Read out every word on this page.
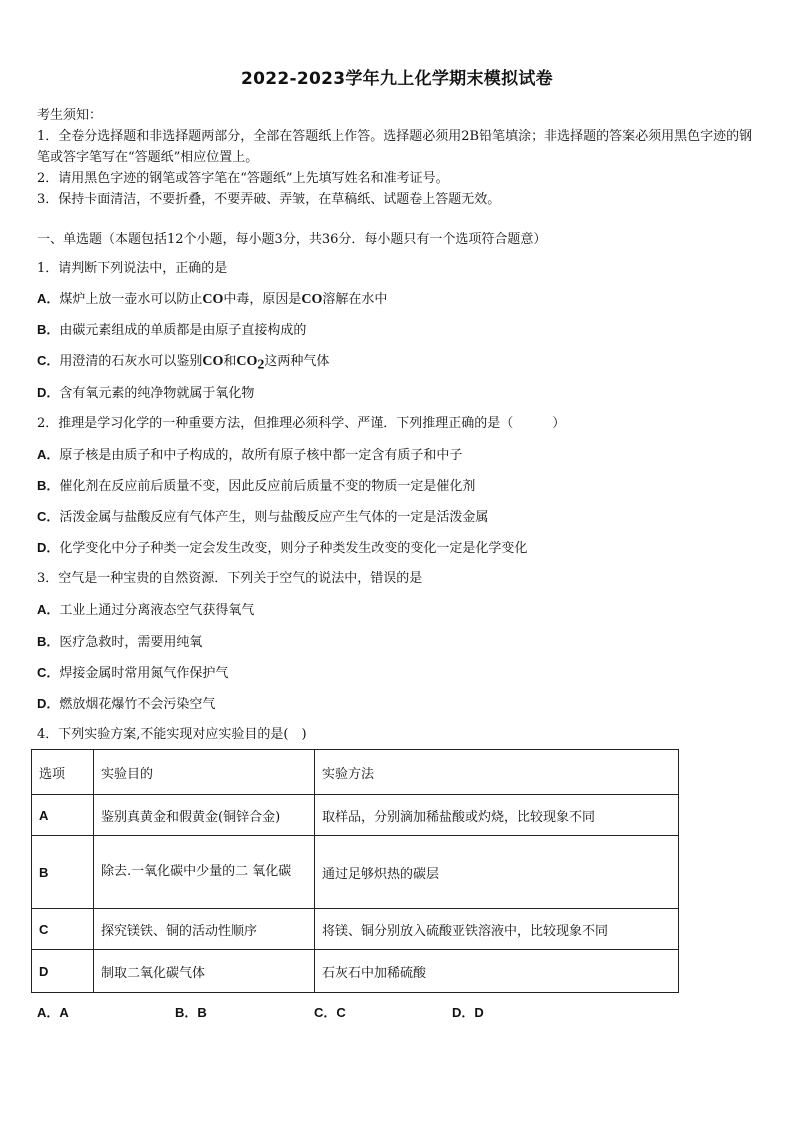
2022-2023学年九上化学期末模拟试卷
考生须知：
1．全卷分选择题和非选择题两部分，全部在答题纸上作答。选择题必须用2B铅笔填涂；非选择题的答案必须用黑色字迹的钢笔或答字笔写在“答题纸”相应位置上。
2．请用黑色字迹的钢笔或答字笔在“答题纸”上先填写姓名和准考证号。
3．保持卡面清洁，不要折叠，不要弄破、弄皱，在草稿纸、试题卷上答题无效。
一、单选题（本题包括12个小题，每小题3分，共36分．每小题只有一个选项符合题意）
1．请判断下列说法中，正确的是
A．煤炉上放一壶水可以防止CO中毒，原因是CO溶解在水中
B．由碳元素组成的单质都是由原子直接构成的
C．用澄清的石灰水可以鉴别CO和$CO_2$这两种气体
D．含有氧元素的纯净物就属于氧化物
2．推理是学习化学的一种重要方法，但推理必须科学、严谨．下列推理正确的是（　　　）
A．原子核是由质子和中子构成的，故所有原子核中都一定含有质子和中子
B．催化剂在反应前后质量不变，因此反应前后质量不变的物质一定是催化剂
C．活泼金属与盐酸反应有气体产生，则与盐酸反应产生气体的一定是活泼金属
D．化学变化中分子种类一定会发生改变，则分子种类发生改变的变化一定是化学变化
3．空气是一种宝贵的自然资源．下列关于空气的说法中，错误的是
A．工业上通过分离液态空气获得氧气
B．医疗急救时，需要用纯氧
C．焊接金属时常用氮气作保护气
D．燃放烟花爆竹不会污染空气
4．下列实验方案,不能实现对应实验目的是(　)
选项	实验目的	实验方法
A	鉴别真黄金和假黄金(铜锌合金)	取样品，分别滴加稀盐酸或灼烧，比较现象不同
B	除去.一氧化碳中少量的二 氧化碳	通过足够炽热的碳层
C	探究镁铁、铜的活动性顺序	将镁、铜分别放入硫酸亚铁溶液中，比较现象不同
D	制取二氧化碳气体	石灰石中加稀硫酸
A．A	B．B	C．C	D．D
